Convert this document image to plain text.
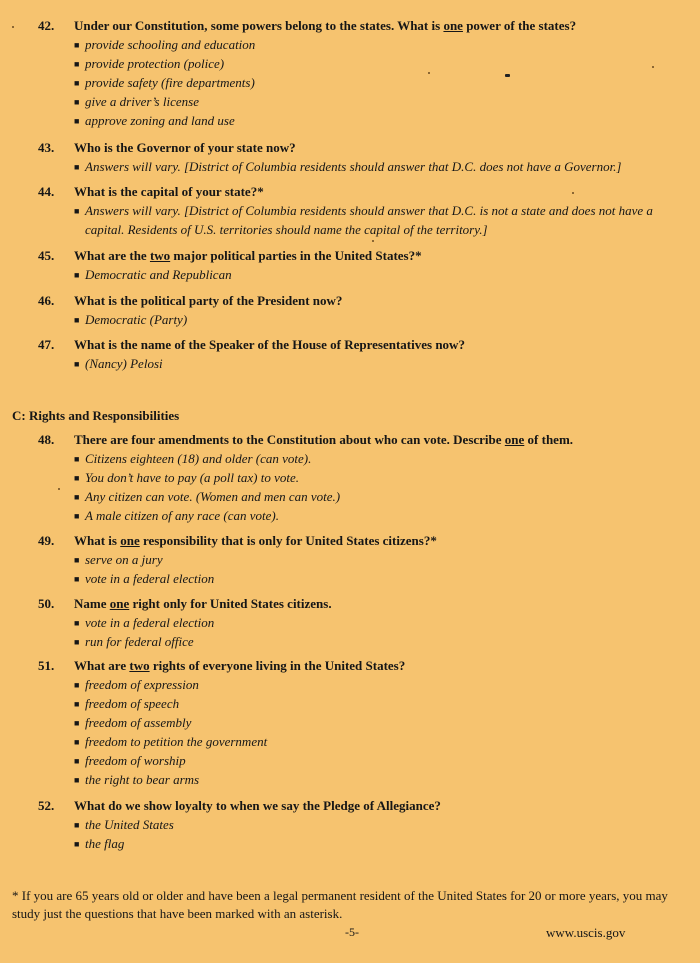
42. Under our Constitution, some powers belong to the states. What is one power of the states?
■ provide schooling and education
■ provide protection (police)
■ provide safety (fire departments)
■ give a driver’s license
■ approve zoning and land use
43. Who is the Governor of your state now?
■ Answers will vary. [District of Columbia residents should answer that D.C. does not have a Governor.]
44. What is the capital of your state?*
■ Answers will vary. [District of Columbia residents should answer that D.C. is not a state and does not have a
capital. Residents of U.S. territories should name the capital of the territory.]
45. What are the two major political parties in the United States?*
■ Democratic and Republican
46. What is the political party of the President now?
■ Democratic (Party)
47. What is the name of the Speaker of the House of Representatives now?
■ (Nancy) Pelosi
C: Rights and Responsibilities
48. There are four amendments to the Constitution about who can vote. Describe one of them.
■ Citizens eighteen (18) and older (can vote).
■ You don’t have to pay (a poll tax) to vote.
■ Any citizen can vote. (Women and men can vote.)
■ A male citizen of any race (can vote).
49. What is one responsibility that is only for United States citizens?*
■ serve on a jury
■ vote in a federal election
50. Name one right only for United States citizens.
■ vote in a federal election
■ run for federal office
51. What are two rights of everyone living in the United States?
■ freedom of expression
■ freedom of speech
■ freedom of assembly
■ freedom to petition the government
■ freedom of worship
■ the right to bear arms
52. What do we show loyalty to when we say the Pledge of Allegiance?
■ the United States
■ the flag
* If you are 65 years old or older and have been a legal permanent resident of the United States for 20 or more years, you may study just the questions that have been marked with an asterisk.
-5-	www.uscis.gov
